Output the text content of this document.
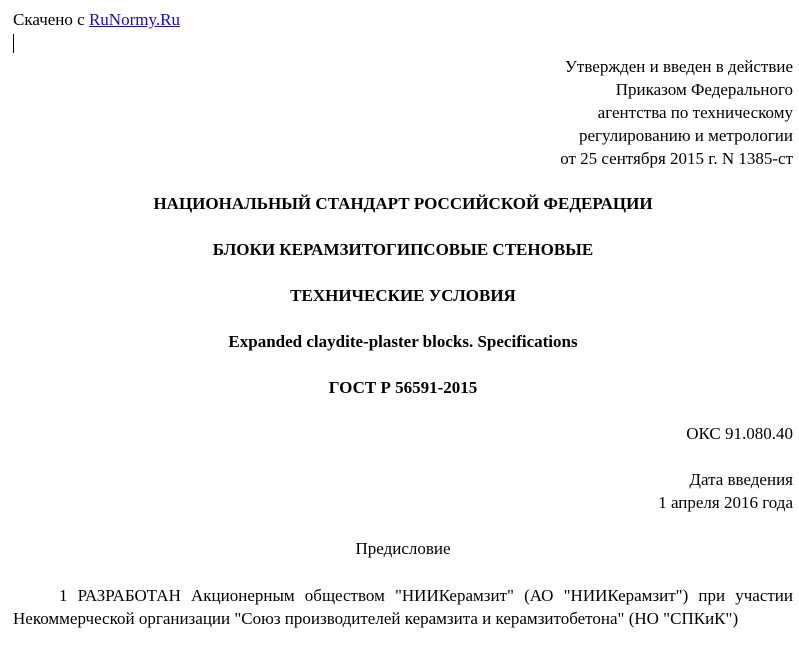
Скачено с RuNormy.Ru
Утвержден и введен в действие
Приказом Федерального
агентства по техническому
регулированию и метрологии
от 25 сентября 2015 г. N 1385-ст
НАЦИОНАЛЬНЫЙ СТАНДАРТ РОССИЙСКОЙ ФЕДЕРАЦИИ
БЛОКИ КЕРАМЗИТОГИПСОВЫЕ СТЕНОВЫЕ
ТЕХНИЧЕСКИЕ УСЛОВИЯ
Expanded claydite-plaster blocks. Specifications
ГОСТ Р 56591-2015
ОКС 91.080.40
Дата введения
1 апреля 2016 года
Предисловие
1 РАЗРАБОТАН Акционерным обществом "НИИКерамзит" (АО "НИИКерамзит") при участии Некоммерческой организации "Союз производителей керамзита и керамзитобетона" (НО "СПКиК")
